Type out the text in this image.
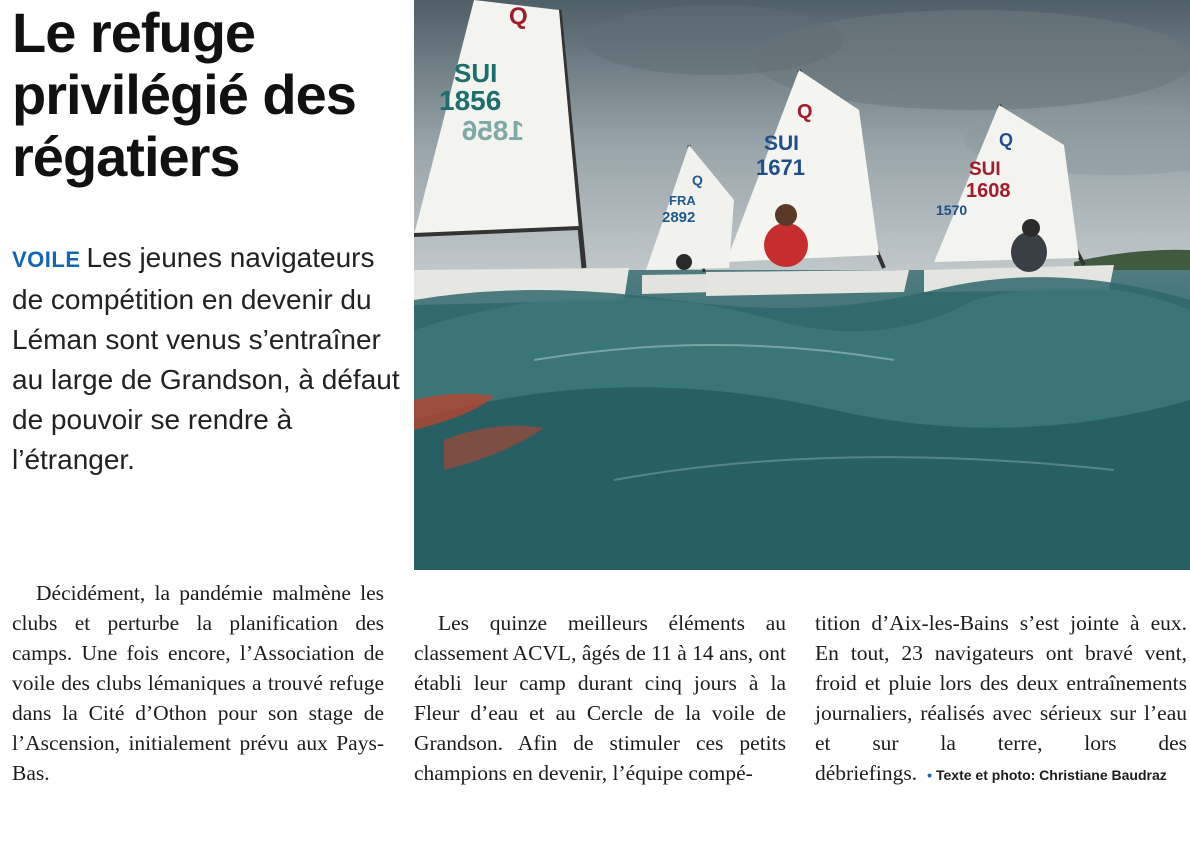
Le refuge privilégié des régatiers
VOILE Les jeunes navigateurs de compétition en devenir du Léman sont venus s’entraîner au large de Grandson, à défaut de pouvoir se rendre à l’étranger.

Décidément, la pandémie malmène les clubs et perturbe la planification des camps. Une fois encore, l’Association de voile des clubs lémaniques a trouvé refuge dans la Cité d’Othon pour son stage de l’Ascension, initialement prévu aux Pays-Bas.

Les quinze meilleurs éléments au classement ACVL, âgés de 11 à 14 ans, ont établi leur camp durant cinq jours à la Fleur d’eau et au Cercle de la voile de Grandson. Afin de stimuler ces petits champions en devenir, l’équipe compé-

tition d’Aix-les-Bains s’est jointe à eux. En tout, 23 navigateurs ont bravé vent, froid et pluie lors des deux entraînements journaliers, réalisés avec sérieux sur l’eau et sur la terre, lors des débriefings. • Texte et photo: Christiane Baudraz

Q
SUI
1856
1856
Q
FRA
2892
Q
SUI
1671
Q
SUI
1608
1570
